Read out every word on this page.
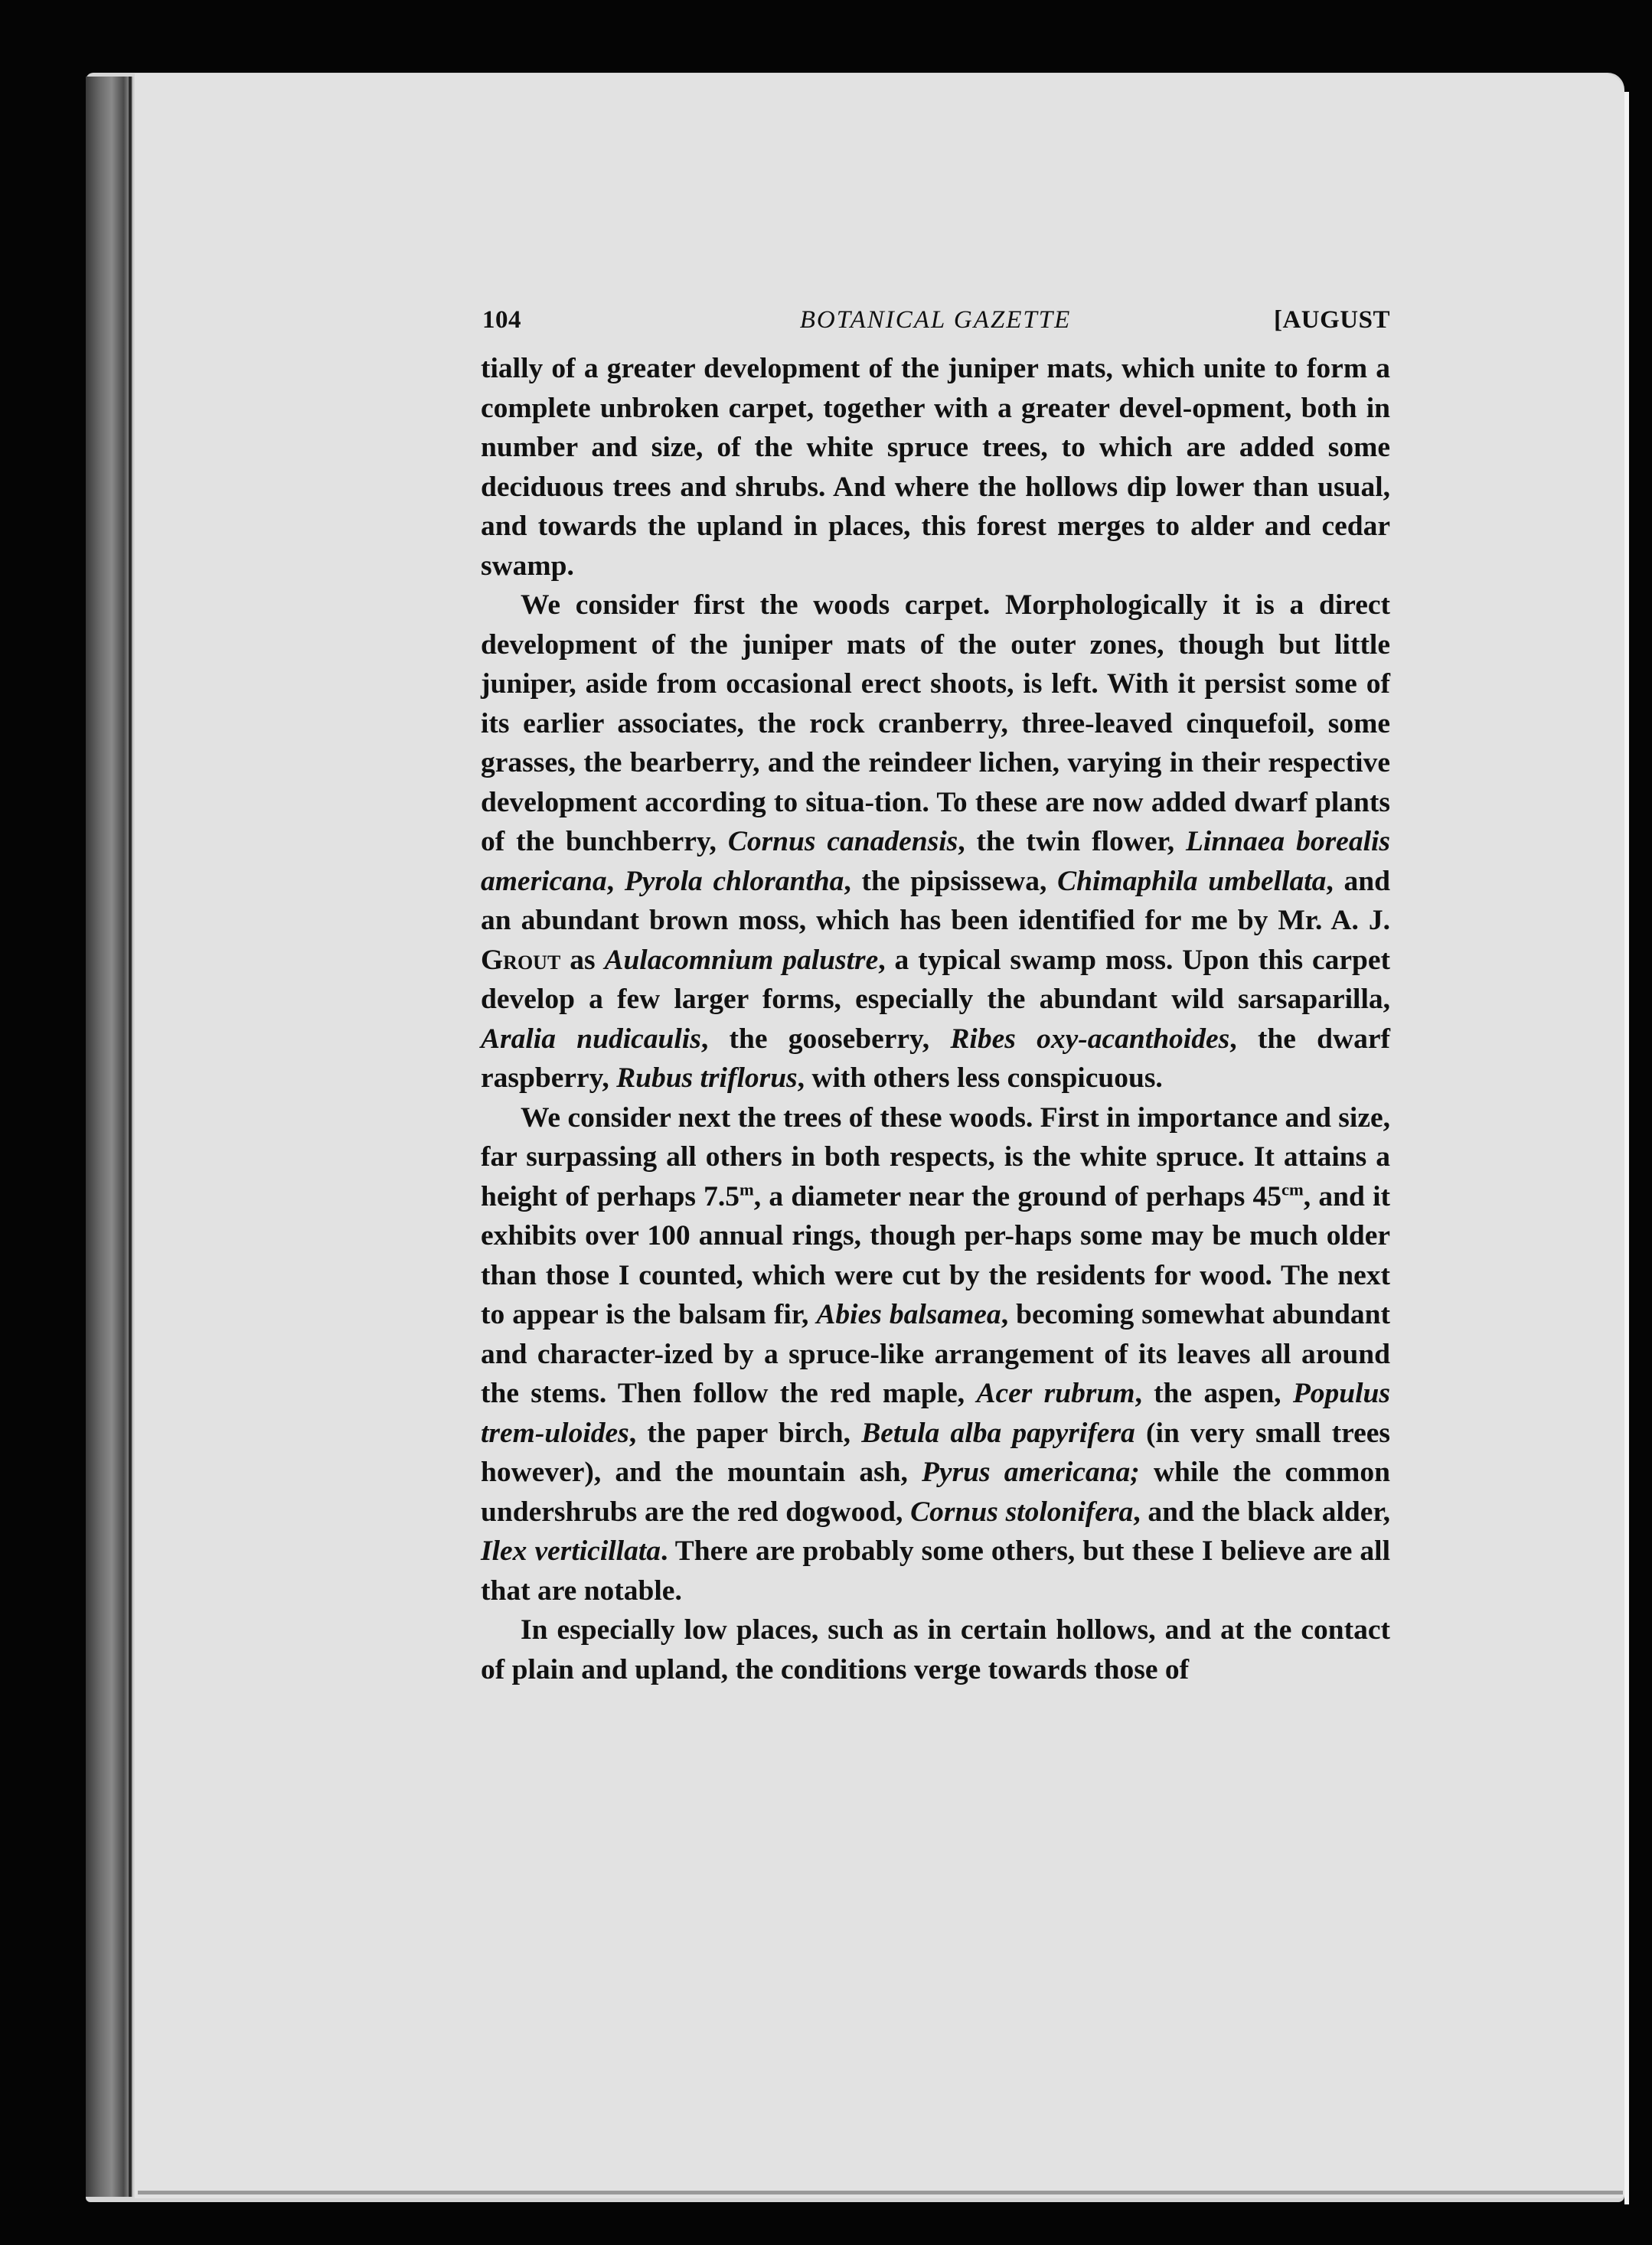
104	BOTANICAL GAZETTE	[AUGUST

tially of a greater development of the juniper mats, which unite to form a complete unbroken carpet, together with a greater devel-opment, both in number and size, of the white spruce trees, to which are added some deciduous trees and shrubs. And where the hollows dip lower than usual, and towards the upland in places, this forest merges to alder and cedar swamp.

We consider first the woods carpet. Morphologically it is a direct development of the juniper mats of the outer zones, though but little juniper, aside from occasional erect shoots, is left. With it persist some of its earlier associates, the rock cranberry, three-leaved cinquefoil, some grasses, the bearberry, and the reindeer lichen, varying in their respective development according to situa-tion. To these are now added dwarf plants of the bunchberry, Cornus canadensis, the twin flower, Linnaea borealis americana, Pyrola chlorantha, the pipsissewa, Chimaphila umbellata, and an abundant brown moss, which has been identified for me by Mr. A. J. Grout as Aulacomnium palustre, a typical swamp moss. Upon this carpet develop a few larger forms, especially the abundant wild sarsaparilla, Aralia nudicaulis, the gooseberry, Ribes oxy-acanthoides, the dwarf raspberry, Rubus triflorus, with others less conspicuous.

We consider next the trees of these woods. First in importance and size, far surpassing all others in both respects, is the white spruce. It attains a height of perhaps 7.5$^m$, a diameter near the ground of perhaps $45^{cm}$, and it exhibits over 100 annual rings, though per-haps some may be much older than those I counted, which were cut by the residents for wood. The next to appear is the balsam fir, Abies balsamea, becoming somewhat abundant and character-ized by a spruce-like arrangement of its leaves all around the stems. Then follow the red maple, Acer rubrum, the aspen, Populus trem-uloides, the paper birch, Betula alba papyrifera (in very small trees however), and the mountain ash, Pyrus americana; while the common undershrubs are the red dogwood, Cornus stolonifera, and the black alder, Ilex verticillata. There are probably some others, but these I believe are all that are notable.

In especially low places, such as in certain hollows, and at the contact of plain and upland, the conditions verge towards those of
